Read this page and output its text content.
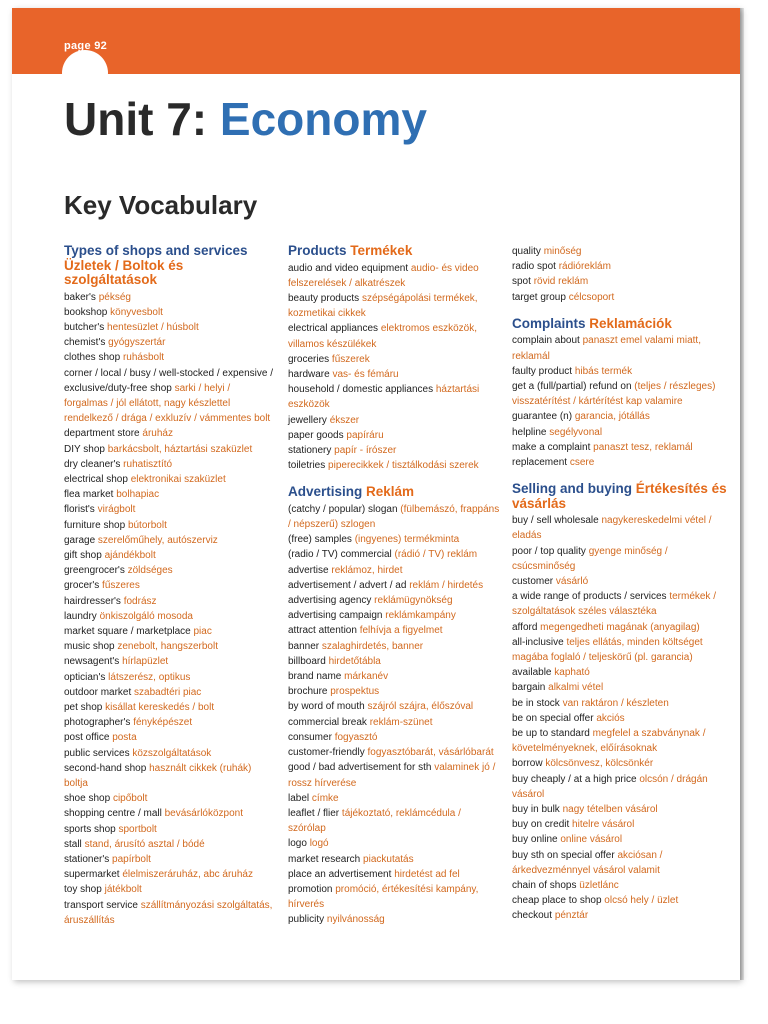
page 92
Unit 7: Economy
Key Vocabulary
Types of shops and services Üzletek / Boltok és szolgáltatások
baker's pékség
bookshop könyvesbolt
butcher's hentesüzlet / húsbolt
chemist's gyógyszertár
clothes shop ruhásbolt
corner / local / busy / well-stocked / expensive / exclusive/duty-free shop sarki / helyi / forgalmas / jól ellátott, nagy készlettel rendelkező / drága / exkluzív / vámmentes bolt
department store áruház
DIY shop barkácsbolt, háztartási szaküzlet
dry cleaner's ruhatisztító
electrical shop elektronikai szaküzlet
flea market bolhapiac
florist's virágbolt
furniture shop bútorbolt
garage szerelőműhely, autószerviz
gift shop ajándékbolt
greengrocer's zöldséges
grocer's fűszeres
hairdresser's fodrász
laundry önkiszolgáló mosoda
market square / marketplace piac
music shop zenebolt, hangszerbolt
newsagent's hírlapüzlet
optician's látszerész, optikus
outdoor market szabadtéri piac
pet shop kisállat kereskedés / bolt
photographer's fényképészet
post office posta
public services közszolgáltatások
second-hand shop használt cikkek (ruhák) boltja
shoe shop cipőbolt
shopping centre / mall bevásárlóközpont
sports shop sportbolt
stall stand, árusító asztal / bódé
stationer's papírbolt
supermarket élelmiszeráruház, abc áruház
toy shop játékbolt
transport service szállítmányozási szolgáltatás, áruszállítás
Products Termékek
audio and video equipment audio- és video felszerelések / alkatrészek
beauty products szépségápolási termékek, kozmetikai cikkek
electrical appliances elektromos eszközök, villamos készülékek
groceries fűszerek
hardware vas- és fémáru
household / domestic appliances háztartási eszközök
jewellery ékszer
paper goods papíráru
stationery papír - írószer
toiletries piperecikkek / tisztálkodási szerek
Advertising Reklám
(catchy / popular) slogan (fülbemászó, frappáns / népszerű) szlogen
(free) samples (ingyenes) termékminta
(radio / TV) commercial (rádió / TV) reklám
advertise reklámoz, hirdet
advertisement / advert / ad reklám / hirdetés
advertising agency reklámügynökség
advertising campaign reklámkampány
attract attention felhívja a figyelmet
banner szalaghirdetés, banner
billboard hirdetőtábla
brand name márkanév
brochure prospektus
by word of mouth szájról szájra, élőszóval
commercial break reklám-szünet
consumer fogyasztó
customer-friendly fogyasztóbarát, vásárlóbarát
good / bad advertisement for sth valaminek jó / rossz hírverése
label címke
leaflet / flier tájékoztató, reklámcédula / szórólap
logo logó
market research piackutatás
place an advertisement hirdetést ad fel
promotion promóció, értékesítési kampány, hírverés
publicity nyilvánosság
quality minőség
radio spot rádióreklám
spot rövid reklám
target group célcsoport
Complaints Reklamációk
complain about panaszt emel valami miatt, reklamál
faulty product hibás termék
get a (full/partial) refund on (teljes / részleges) visszatérítést / kártérítést kap valamire
guarantee (n) garancia, jótállás
helpline segélyvonal
make a complaint panaszt tesz, reklamál
replacement csere
Selling and buying Értékesítés és vásárlás
buy / sell wholesale nagykereskedelmi vétel / eladás
poor / top quality gyenge minőség / csúcsminőség
customer vásárló
a wide range of products / services termékek / szolgáltatások széles választéka
afford megengedheti magának (anyagilag)
all-inclusive teljes ellátás, minden költséget magába foglaló / teljeskörű (pl. garancia)
available kapható
bargain alkalmi vétel
be in stock van raktáron / készleten
be on special offer akciós
be up to standard megfelel a szabványnak / követelményeknek, előírásoknak
borrow kölcsönvesz, kölcsönkér
buy cheaply / at a high price olcsón / drágán vásárol
buy in bulk nagy tételben vásárol
buy on credit hitelre vásárol
buy online online vásárol
buy sth on special offer akciósan / árkedvezménnyel vásárol valamit
chain of shops üzletlánc
cheap place to shop olcsó hely / üzlet
checkout pénztár
